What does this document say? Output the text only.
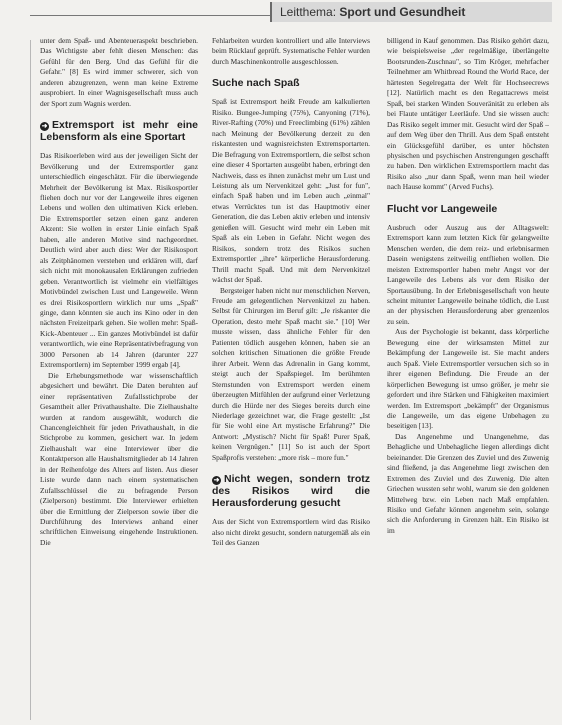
Leitthema: Sport und Gesundheit

unter dem Spaß- und Abenteueraspekt beschrieben. Das Wichtigste aber fehlt diesen Menschen: das Gefühl für den Berg. Und das Gefühl für die Gefahr." [8] Es wird immer schwerer, sich von anderen abzugrenzen, wenn man keine Extreme ausprobiert. In einer Wagnisgesellschaft muss auch der Sport zum Wagnis werden.

➜ Extremsport ist mehr eine Lebensform als eine Sportart

Das Risikoerleben wird aus der jeweiligen Sicht der Bevölkerung und der Extremsportler ganz unterschiedlich eingeschätzt. Für die überwiegende Mehrheit der Bevölkerung ist Max. Risikosportler fliehen doch nur vor der Langeweile ihres eigenen Lebens und wollen den ultimativen Kick erleben. Die Extremsportler setzen einen ganz anderen Akzent: Sie wollen in erster Linie einfach Spaß haben, alle anderen Motive sind nachgeordnet. Deutlich wird aber auch dies: Wer der Risikosport als Zeitphänomen verstehen und erklären will, darf sich nicht mit monokausalen Erklärungen zufrieden geben. Verantwortlich ist vielmehr ein vielfältiges Motivbündel zwischen Lust und Langeweile. Wenn es drei Risikosportlern wirklich nur ums „Spaß" ginge, dann könnten sie auch ins Kino oder in den nächsten Freizeitpark gehen. Sie wollen mehr: Spaß-Kick-Abenteuer ... Ein ganzes Motivbündel ist dafür verantwortlich, wie eine Repräsentativbefragung von 3000 Personen ab 14 Jahren (darunter 227 Extremsportlern) im September 1999 ergab [4].

Die Erhebungsmethode war wissenschaftlich abgesichert und bewährt. Die Daten beruhten auf einer repräsentativen Zufallsstichprobe der Gesamtheit aller Privathaushalte. Die Zielhaushalte wurden at random ausgewählt, wodurch die Chancengleichheit für jeden Privathaushalt, in die Stichprobe zu kommen, gesichert war. In jedem Zielhaushalt war eine Interviewer über die Kontaktperson alle Haushaltsmitglieder ab 14 Jahren in der Reihenfolge des Alters auf listen. Aus dieser Liste wurde dann nach einem systematischen Zufallsschlüssel die zu befragende Person (Zielperson) bestimmt. Die Interviewer erhielten über die Ermittlung der Zielperson sowie über die Durchführung des Interviews anhand einer schriftlichen Einweisung eingehende Instruktionen. Die

Fehlarbeiten wurden kontrolliert und alle Interviews beim Rücklauf geprüft. Systematische Fehler wurden durch Maschinenkontrolle ausgeschlossen.

Suche nach Spaß

Spaß ist Extremsport heißt Freude am kalkulierten Risiko. Bungee-Jumping (75%), Canyoning (71%), River-Rafting (70%) und Freeclimbing (61%) zählen nach Meinung der Bevölkerung derzeit zu den riskantesten und wagnisreichsten Extremsportarten. Die Befragung von Extremsportlern, die selbst schon eine dieser 4 Sportarten ausgeübt haben, erbringt den Nachweis, dass es ihnen zunächst mehr um Lust und Leistung als um Nervenkitzel geht: „Just for fun", einfach Spaß haben und im Leben auch „einmal" etwas Verrücktes tun ist das Hauptmotiv einer Generation, die das Leben aktiv erleben und intensiv genießen will. Gesucht wird mehr ein Leben mit Spaß als ein Leben in Gefahr. Nicht wegen des Risikos, sondern trotz des Risikos suchen Extremsportler „ihre" körperliche Herausforderung. Thrill macht Spaß. Und mit dem Nervenkitzel wächst der Spaß.

Bergsteiger haben nicht nur menschlichen Nerven, Freude am gelegentlichen Nervenkitzel zu haben. Selbst für Chirurgen im Beruf gilt: „Je riskanter die Operation, desto mehr Spaß macht sie." [10] Wer musste wissen, dass ähnliche Fehler für den Patienten tödlich ausgehen können, haben sie an solchen kritischen Situationen die größte Freude ihrer Arbeit. Wenn das Adrenalin in Gang kommt, steigt auch der Spaßspiegel. Im berühmten Sternstunden von Extremsport werden einem überzeugten Mitfühlen der aufgrund einer Verletzung durch die Hürde ner des Sieges bereits durch eine Niederlage gezeichnet war, die Frage gestellt: „Ist für Sie wohl eine Art mystische Erfahrung?" Die Antwort: „Mystisch? Nicht für Spaß! Purer Spaß, keinen Vergnügen." [11] So ist auch der Sport Spaßprofis verstehen: „more risk – more fun."

➜ Nicht wegen, sondern trotz des Risikos wird die Herausforderung gesucht

Aus der Sicht von Extremsportlern wird das Risiko also nicht direkt gesucht, sondern naturgemäß als ein Teil des Ganzen

billigend in Kauf genommen. Das Risiko gehört dazu, wie beispielsweise „der regelmäßige, überlängelte Bootsrunden-Zuschnau", so Tim Kröger, mehrfacher Teilnehmer am Whitbread Round the World Race, der härtesten Segelregatta der Welt für Hochseecrews [12]. Natürlich macht es den Regattacrews meist Spaß, bei starken Winden Souveränität zu erleben als bei Flaute untätiger Leerläufe. Und sie wissen auch: Das Risiko segelt immer mit. Gesucht wird der Spaß – auf dem Weg über den Thrill. Aus dem Spaß entsteht ein Glücksgefühl darüber, es unter höchsten physischen und psychischen Anstrengungen geschafft zu haben. Den wirklichen Extremsportlern macht das Risiko also „nur dann Spaß, wenn man heil wieder nach Hause kommt" (Arved Fuchs).

Flucht vor Langeweile

Ausbruch oder Auszug aus der Alltagswelt: Extremsport kann zum letzten Kick für gelangweilte Menschen werden, die dem reiz- und erlebnisarmen Dasein wenigstens zeitweilig entfliehen wollen. Die meisten Extremsportler haben mehr Angst vor der Langeweile des Lebens als vor dem Risiko der Sportausübung. In der Erlebnisgesellschaft von heute scheint mitunter Langeweile beinahe tödlich, die Lust an der physischen Herausforderung aber grenzenlos zu sein.

Aus der Psychologie ist bekannt, dass körperliche Bewegung eine der wirksamsten Mittel zur Bekämpfung der Langeweile ist. Sie macht anders auch Spaß. Viele Extremsportler versuchen sich so in ihrer eigenen Befindung. Die Freude an der körperlichen Bewegung ist umso größer, je mehr sie gefordert und ihre Stärken und Fähigkeiten maximiert werden. Im Extremsport „bekämpft" der Organismus die Langeweile, um das eigene Unbehagen zu beseitigen [13].

Das Angenehme und Unangenehme, das Behagliche und Unbehagliche liegen allerdings dicht beieinander. Die Grenzen des Zuviel und des Zuwenig sind fließend, ja das Angenehme liegt zwischen den Extremen des Zuviel und des Zuwenig. Die alten Griechen wussten sehr wohl, warum sie den goldenen Mittelweg bzw. ein Leben nach Maß empfahlen. Risiko und Gefahr können angenehm sein, solange sich die Anforderung in Grenzen hält. Ein Risiko ist im
